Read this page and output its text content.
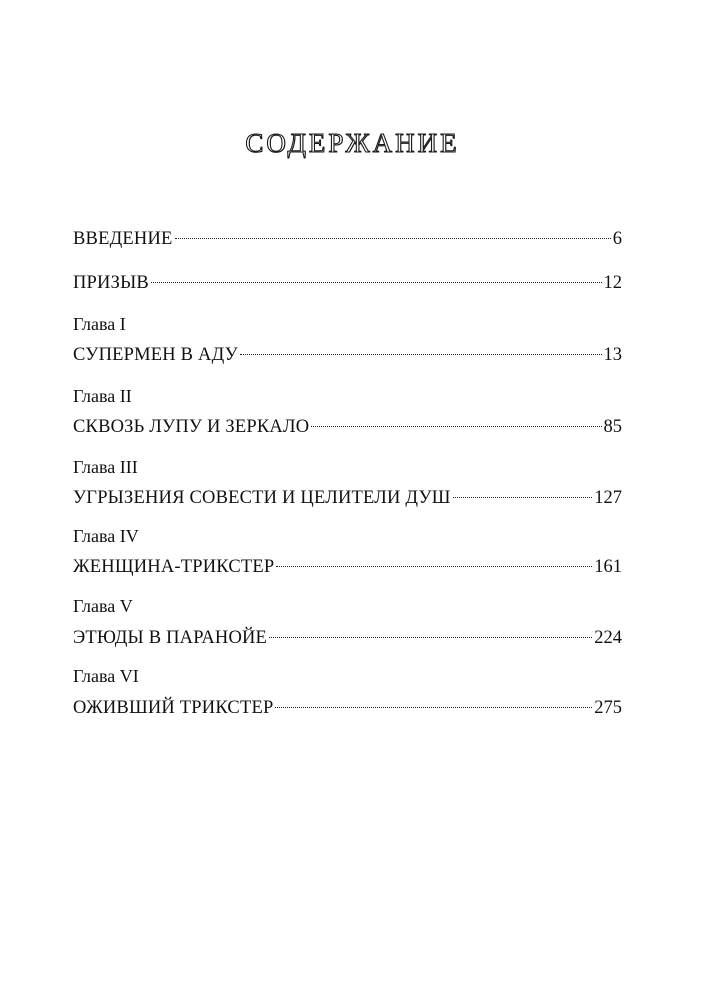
СОДЕРЖАНИЕ
ВВЕДЕНИЕ	6
ПРИЗЫВ	12
Глава I
СУПЕРМЕН В АДУ	13
Глава II
СКВОЗЬ ЛУПУ И ЗЕРКАЛО	85
Глава III
УГРЫЗЕНИЯ СОВЕСТИ И ЦЕЛИТЕЛИ ДУШ	127
Глава IV
ЖЕНЩИНА-ТРИКСТЕР	161
Глава V
ЭТЮДЫ В ПАРАНОЙЕ	224
Глава VI
ОЖИВШИЙ ТРИКСТЕР	275
